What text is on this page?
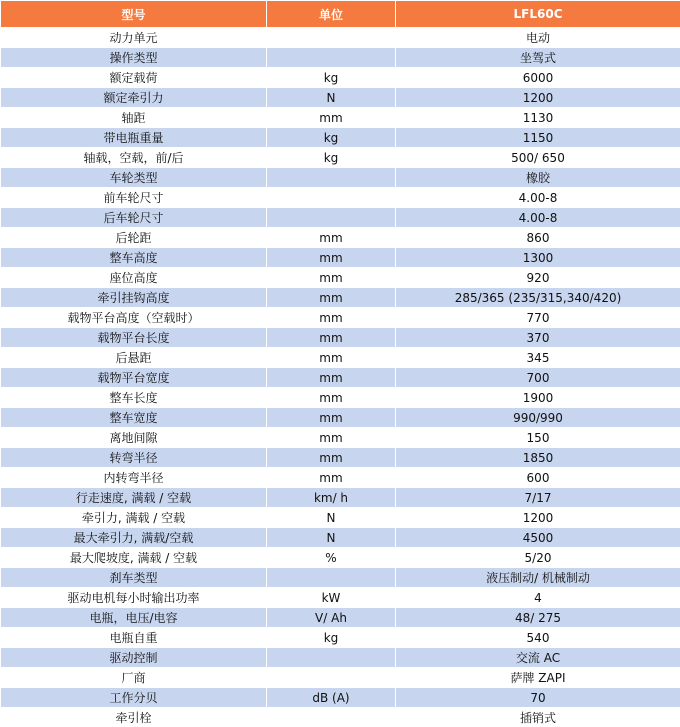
型号	单位	LFL60C
动力单元		电动
操作类型		坐驾式
额定载荷	kg	6000
额定牵引力	N	1200
轴距	mm	1130
带电瓶重量	kg	1150
轴载，空载，前/后	kg	500/ 650
车轮类型		橡胶
前车轮尺寸		4.00-8
后车轮尺寸		4.00-8
后轮距	mm	860
整车高度	mm	1300
座位高度	mm	920
牵引挂钩高度	mm	285/365 (235/315,340/420)
载物平台高度（空载时）	mm	770
载物平台长度	mm	370
后悬距	mm	345
载物平台宽度	mm	700
整车长度	mm	1900
整车宽度	mm	990/990
离地间隙	mm	150
转弯半径	mm	1850
内转弯半径	mm	600
行走速度, 满载 / 空载	km/ h	7/17
牵引力, 满载 / 空载	N	1200
最大牵引力, 满载/空载	N	4500
最大爬坡度, 满载 / 空载	%	5/20
刹车类型		液压制动/ 机械制动
驱动电机每小时输出功率	kW	4
电瓶，电压/电容	V/ Ah	48/ 275
电瓶自重	kg	540
驱动控制		交流 AC
厂商		萨牌 ZAPI
工作分贝	dB (A)	70
牵引栓		插销式
